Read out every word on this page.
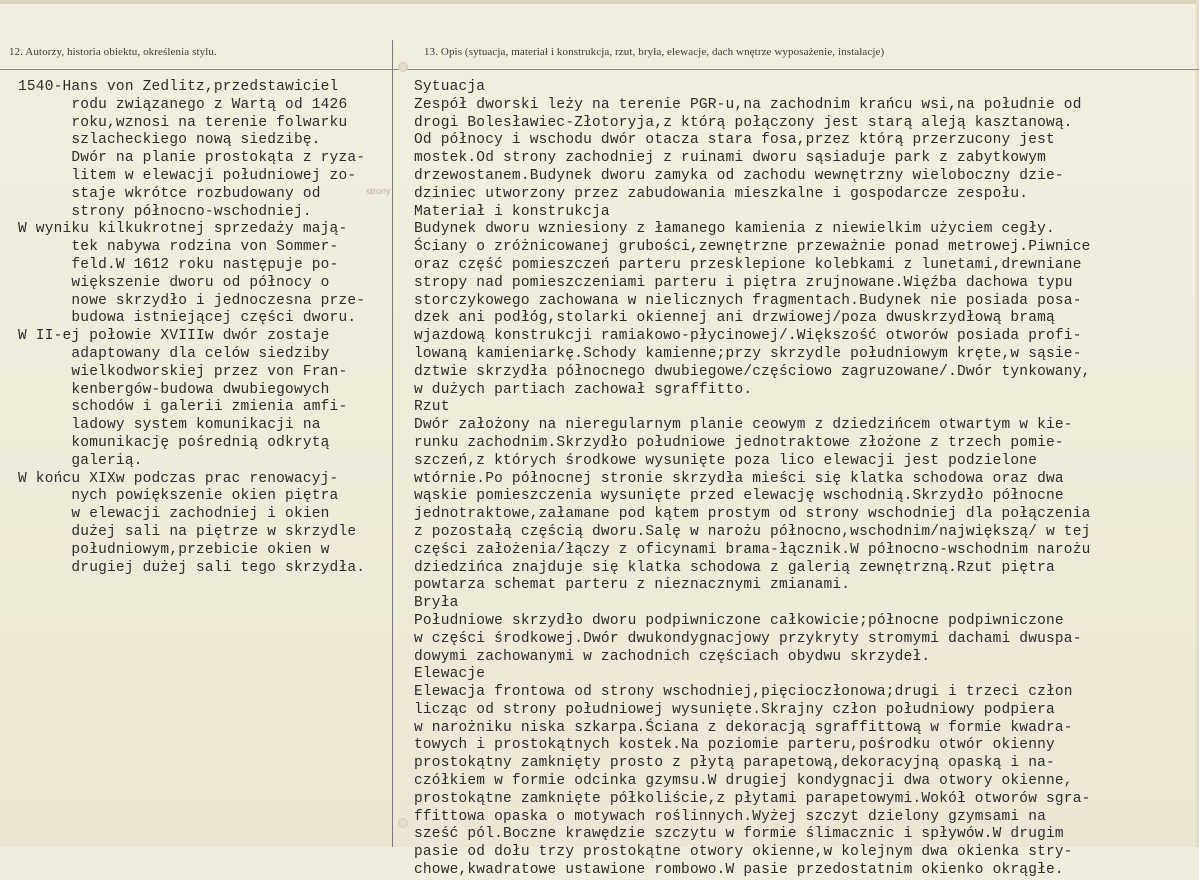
12. Autorzy, historia obiektu, określenia stylu.	13. Opis (sytuacja, materiał i konstrukcja, rzut, bryła, elewacje, dach wnętrze wyposażenie, instalacje)
strony
1540-Hans von Zedlitz,przedstawiciel
rodu związanego z Wartą od 1426
roku,wznosi na terenie folwarku
szlacheckiego nową siedzibę.
Dwór na planie prostokąta z ryza-
litem w elewacji południowej zo-
staje wkrótce rozbudowany od
strony północno-wschodniej.
W wyniku kilkukrotnej sprzedaży mają-
tek nabywa rodzina von Sommer-
feld.W 1612 roku następuje po-
większenie dworu od północy o
nowe skrzydło i jednoczesna prze-
budowa istniejącej części dworu.
W II-ej połowie XVIIIw dwór zostaje
adaptowany dla celów siedziby
wielkodworskiej przez von Fran-
kenbergów-budowa dwubiegowych
schodów i galerii zmienia amfi-
ladowy system komunikacji na
komunikację pośrednią odkrytą
galerią.
W końcu XIXw podczas prac renowacyj-
nych powiększenie okien piętra
w elewacji zachodniej i okien
dużej sali na piętrze w skrzydle
południowym,przebicie okien w
drugiej dużej sali tego skrzydła.
Sytuacja
Zespół dworski leży na terenie PGR-u,na zachodnim krańcu wsi,na południe od
drogi Bolesławiec-Złotoryja,z którą połączony jest starą aleją kasztanową.
Od północy i wschodu dwór otacza stara fosa,przez którą przerzucony jest
mostek.Od strony zachodniej z ruinami dworu sąsiaduje park z zabytkowym
drzewostanem.Budynek dworu zamyka od zachodu wewnętrzny wieloboczny dzie-
dziniec utworzony przez zabudowania mieszkalne i gospodarcze zespołu.
Materiał i konstrukcja
Budynek dworu wzniesiony z łamanego kamienia z niewielkim użyciem cegły.
Ściany o zróżnicowanej grubości,zewnętrzne przeważnie ponad metrowej.Piwnice
oraz część pomieszczeń parteru przesklepione kolebkami z lunetami,drewniane
stropy nad pomieszczeniami parteru i piętra zrujnowane.Więźba dachowa typu
storczykowego zachowana w nielicznych fragmentach.Budynek nie posiada posa-
dzek ani podłóg,stolarki okiennej ani drzwiowej/poza dwuskrzydłową bramą
wjazdową konstrukcji ramiakowo-płycinowej/.Większość otworów posiada profi-
lowaną kamieniarkę.Schody kamienne;przy skrzydle południowym kręte,w sąsie-
dztwie skrzydła północnego dwubiegowe/częściowo zagruzowane/.Dwór tynkowany,
w dużych partiach zachował sgraffitto.
Rzut
Dwór założony na nieregularnym planie ceowym z dziedzińcem otwartym w kie-
runku zachodnim.Skrzydło południowe jednotraktowe złożone z trzech pomie-
szczeń,z których środkowe wysunięte poza lico elewacji jest podzielone
wtórnie.Po północnej stronie skrzydła mieści się klatka schodowa oraz dwa
wąskie pomieszczenia wysunięte przed elewację wschodnią.Skrzydło północne
jednotraktowe,załamane pod kątem prostym od strony wschodniej dla połączenia
z pozostałą częścią dworu.Salę w narożu północno,wschodnim/największą/ w tej
części założenia/łączy z oficynami brama-łącznik.W północno-wschodnim narożu
dziedzińca znajduje się klatka schodowa z galerią zewnętrzną.Rzut piętra
powtarza schemat parteru z nieznacznymi zmianami.
Bryła
Południowe skrzydło dworu podpiwniczone całkowicie;północne podpiwniczone
w części środkowej.Dwór dwukondygnacjowy przykryty stromymi dachami dwuspa-
dowymi zachowanymi w zachodnich częściach obydwu skrzydeł.
Elewacje
Elewacja frontowa od strony wschodniej,pięcioczłonowa;drugi i trzeci człon
licząc od strony południowej wysunięte.Skrajny człon południowy podpiera
w narożniku niska szkarpa.Ściana z dekoracją sgraffittową w formie kwadra-
towych i prostokątnych kostek.Na poziomie parteru,pośrodku otwór okienny
prostokątny zamknięty prosto z płytą parapetową,dekoracyjną opaską i na-
czółkiem w formie odcinka gzymsu.W drugiej kondygnacji dwa otwory okienne,
prostokątne zamknięte półkoliście,z płytami parapetowymi.Wokół otworów sgra-
ffittowa opaska o motywach roślinnych.Wyżej szczyt dzielony gzymsami na
sześć pól.Boczne krawędzie szczytu w formie ślimacznic i spływów.W drugim
pasie od dołu trzy prostokątne otwory okienne,w kolejnym dwa okienka stry-
chowe,kwadratowe ustawione rombowo.W pasie przedostatnim okienko okrągłe.
